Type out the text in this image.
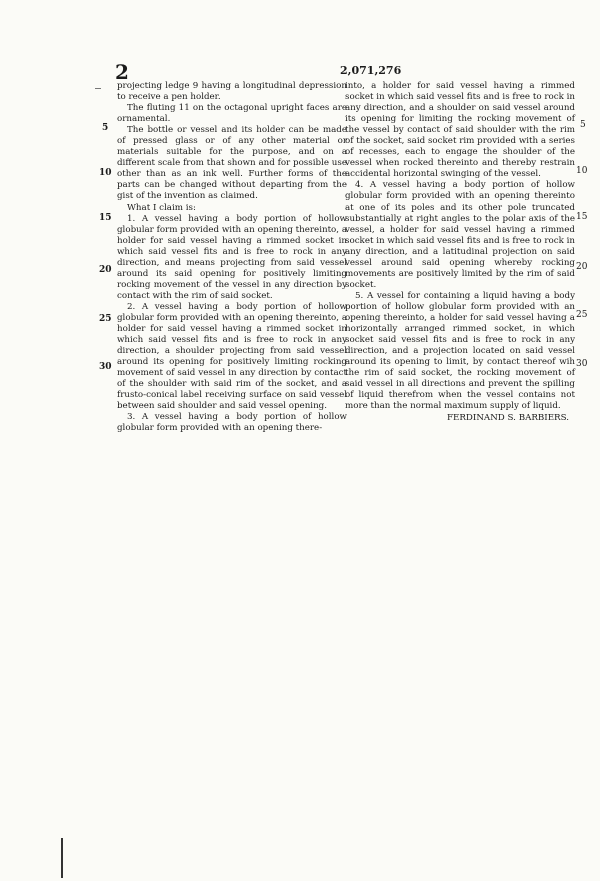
2	2,071,276

projecting ledge 9 having a longitudinal depression to receive a pen holder.

The fluting 11 on the octagonal upright faces are ornamental.

The bottle or vessel and its holder can be made of pressed glass or of any other material or materials suitable for the purpose, and on a different scale from that shown and for possible use other than as an ink well. Further forms of the parts can be changed without departing from the gist of the invention as claimed.

What I claim is:

1. A vessel having a body portion of hollow globular form provided with an opening thereinto, a holder for said vessel having a rimmed socket in which said vessel fits and is free to rock in any direction, and means projecting from said vessel around its said opening for positively limiting rocking movement of the vessel in any direction by contact with the rim of said socket.

2. A vessel having a body portion of hollow globular form provided with an opening thereinto, a holder for said vessel having a rimmed socket in which said vessel fits and is free to rock in any direction, a shoulder projecting from said vessel around its opening for positively limiting rocking movement of said vessel in any direction by contact of the shoulder with said rim of the socket, and a frusto-conical label receiving surface on said vessel between said shoulder and said vessel opening.

3. A vessel having a body portion of hollow globular form provided with an opening there-

into, a holder for said vessel having a rimmed socket in which said vessel fits and is free to rock in any direction, and a shoulder on said vessel around its opening for limiting the rocking movement of the vessel by contact of said shoulder with the rim of the socket, said socket rim provided with a series of recesses, each to engage the shoulder of the vessel when rocked thereinto and thereby restrain accidental horizontal swinging of the vessel.

4. A vessel having a body portion of hollow globular form provided with an opening thereinto at one of its poles and its other pole truncated substantially at right angles to the polar axis of the vessel, a holder for said vessel having a rimmed socket in which said vessel fits and is free to rock in any direction, and a latitudinal projection on said vessel around said opening whereby rocking movements are positively limited by the rim of said socket.

5. A vessel for containing a liquid having a body portion of hollow globular form provided with an opening thereinto, a holder for said vessel having a horizontally arranged rimmed socket, in which socket said vessel fits and is free to rock in any direction, and a projection located on said vessel around its opening to limit, by contact thereof wih the rim of said socket, the rocking movement of said vessel in all directions and prevent the spilling of liquid therefrom when the vessel contains not more than the normal maximum supply of liquid.

FERDINAND S. BARBIERS.
5
10
15
20
25
30
5
10
15
20
25
30
